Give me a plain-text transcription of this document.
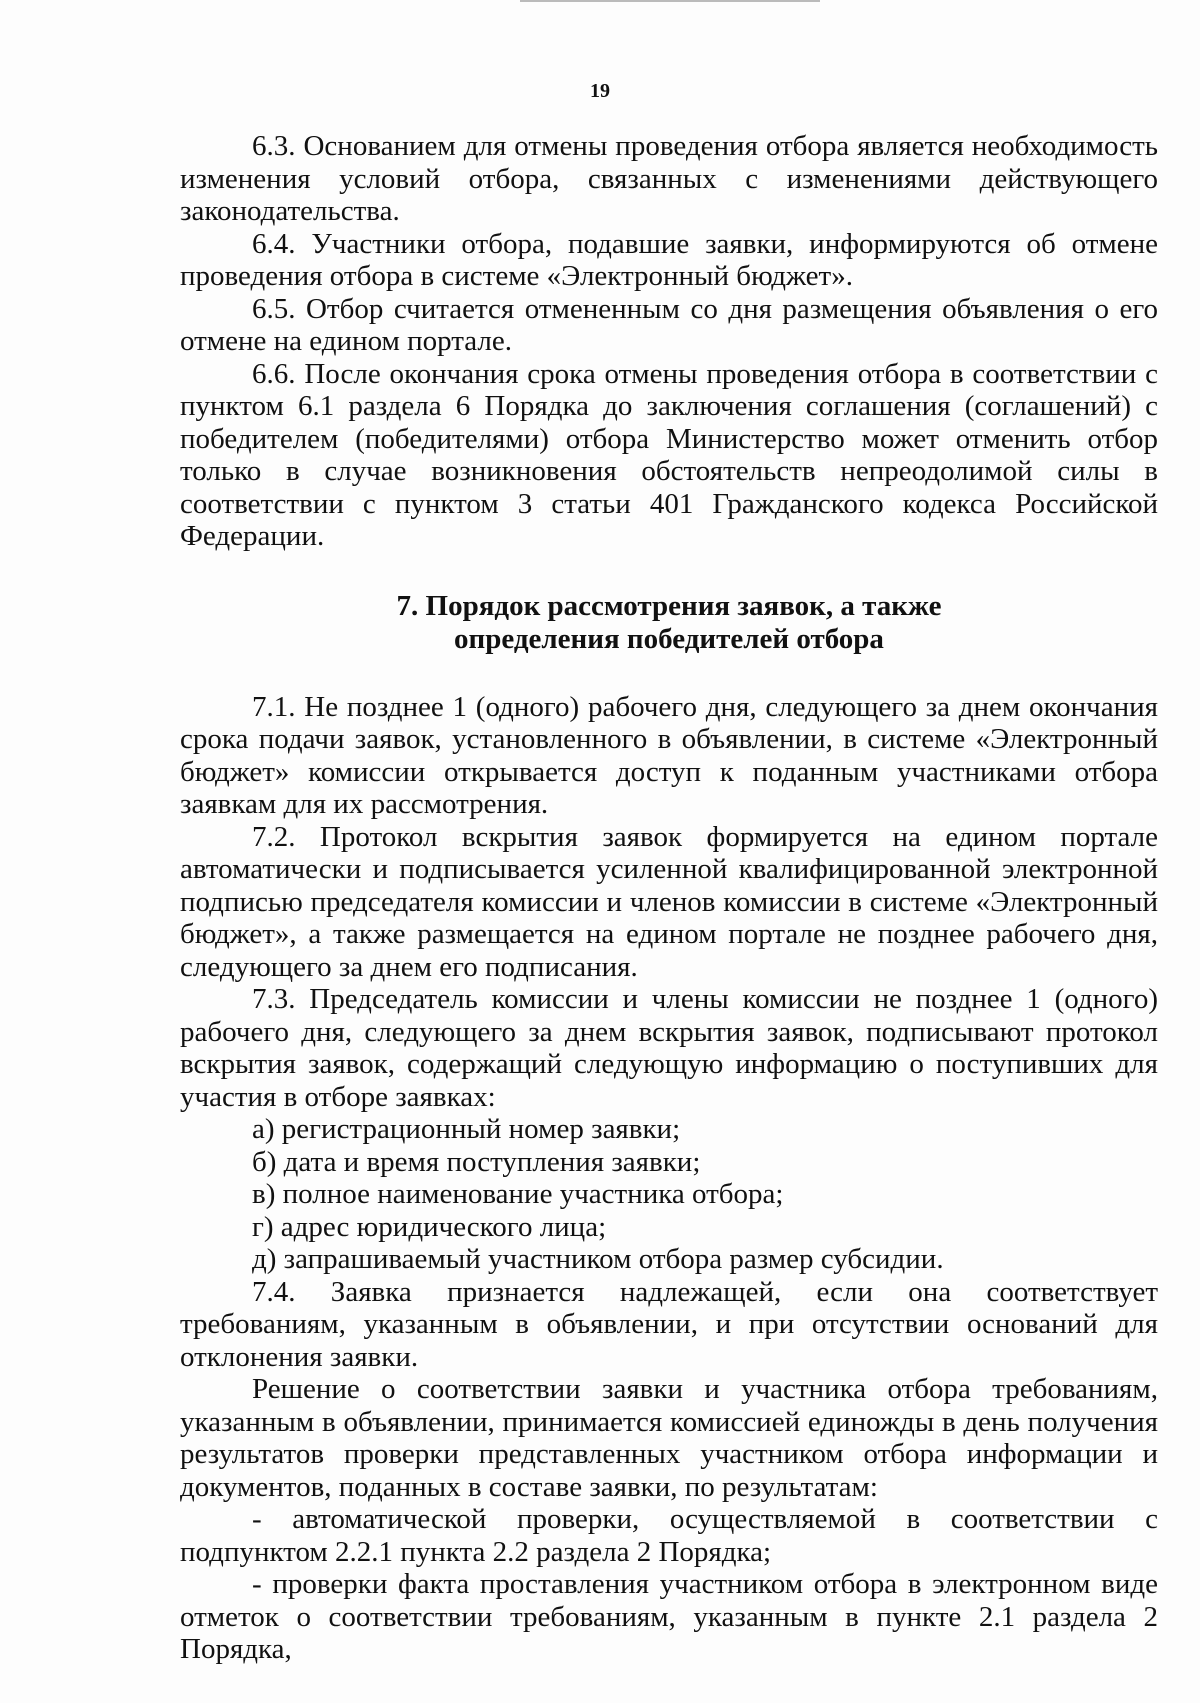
19

6.3. Основанием для отмены проведения отбора является необходимость изменения условий отбора, связанных с изменениями действующего законодательства.

6.4. Участники отбора, подавшие заявки, информируются об отмене проведения отбора в системе «Электронный бюджет».

6.5. Отбор считается отмененным со дня размещения объявления о его отмене на едином портале.

6.6. После окончания срока отмены проведения отбора в соответствии с пунктом 6.1 раздела 6 Порядка до заключения соглашения (соглашений) с победителем (победителями) отбора Министерство может отменить отбор только в случае возникновения обстоятельств непреодолимой силы в соответствии с пунктом 3 статьи 401 Гражданского кодекса Российской Федерации.

7. Порядок рассмотрения заявок, а также
определения победителей отбора

7.1. Не позднее 1 (одного) рабочего дня, следующего за днем окончания срока подачи заявок, установленного в объявлении, в системе «Электронный бюджет» комиссии открывается доступ к поданным участниками отбора заявкам для их рассмотрения.

7.2. Протокол вскрытия заявок формируется на едином портале автоматически и подписывается усиленной квалифицированной электронной подписью председателя комиссии и членов комиссии в системе «Электронный бюджет», а также размещается на едином портале не позднее рабочего дня, следующего за днем его подписания.

7.3. Председатель комиссии и члены комиссии не позднее 1 (одного) рабочего дня, следующего за днем вскрытия заявок, подписывают протокол вскрытия заявок, содержащий следующую информацию о поступивших для участия в отборе заявках:

а) регистрационный номер заявки;

б) дата и время поступления заявки;

в) полное наименование участника отбора;

г) адрес юридического лица;

д) запрашиваемый участником отбора размер субсидии.

7.4. Заявка признается надлежащей, если она соответствует требованиям, указанным в объявлении, и при отсутствии оснований для отклонения заявки.

Решение о соответствии заявки и участника отбора требованиям, указанным в объявлении, принимается комиссией единожды в день получения результатов проверки представленных участником отбора информации и документов, поданных в составе заявки, по результатам:

- автоматической проверки, осуществляемой в соответствии с подпунктом 2.2.1 пункта 2.2 раздела 2 Порядка;

- проверки факта проставления участником отбора в электронном виде отметок о соответствии требованиям, указанным в пункте 2.1 раздела 2 Порядка,
